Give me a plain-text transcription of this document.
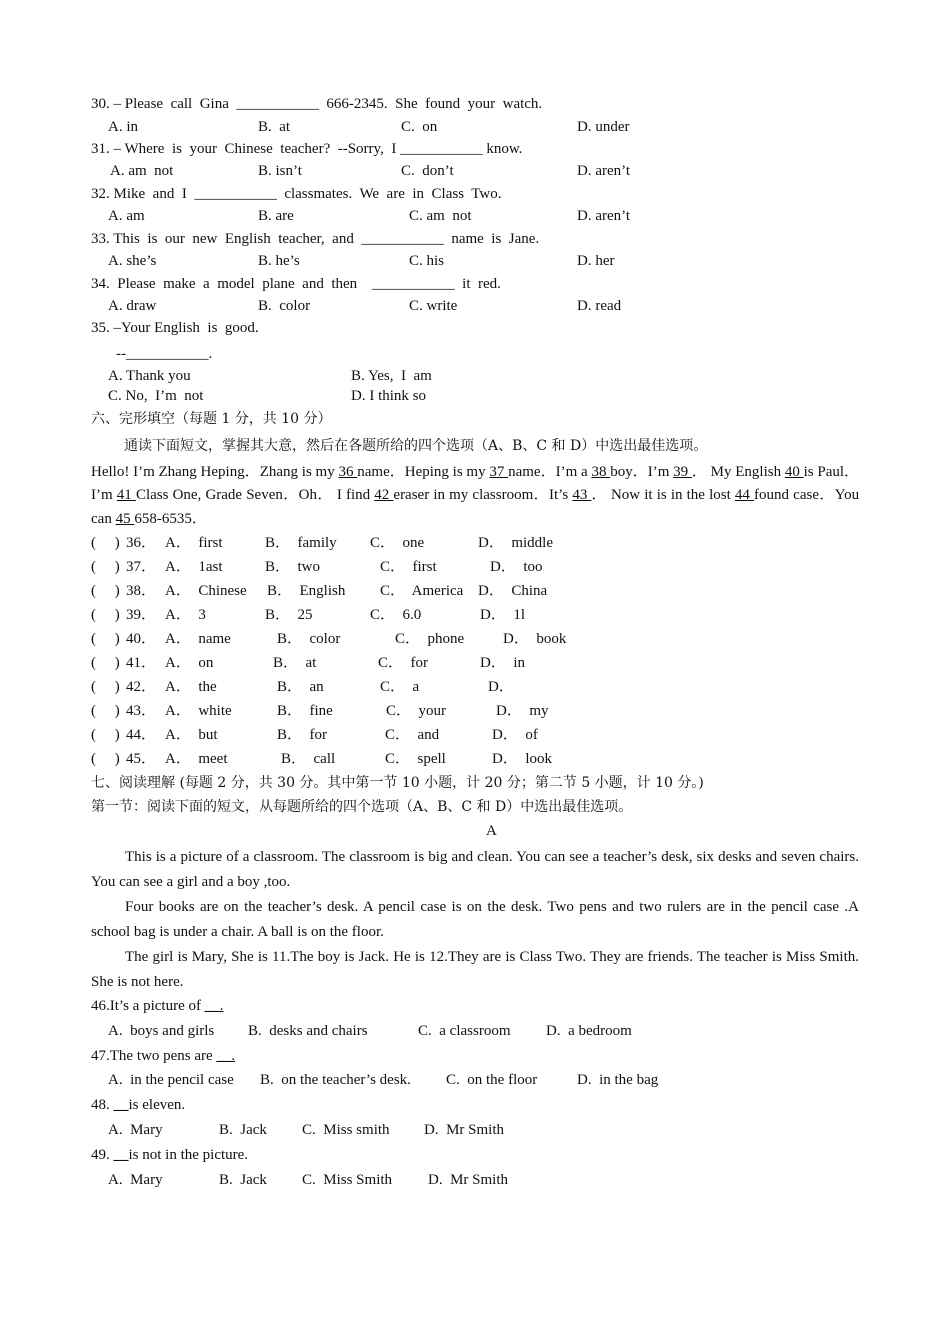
30. – Please  call  Gina  ___________  666-2345.  She  found  your  watch.
A. in	B.  at	C.  on	D. under
31. – Where  is  your  Chinese  teacher?  --Sorry,  I ___________ know.
A. am  not	B. isn’t	C.  don’t	D. aren’t
32. Mike  and  I  ___________  classmates.  We  are  in  Class  Two.
A. am	B. are	C. am  not	D. aren’t
33. This  is  our  new  English  teacher,  and  ___________  name  is  Jane.
A. she’s	B. he’s	C. his	D. her
34.  Please  make  a  model  plane  and  then    ___________  it  red.
A. draw	B.  color	C. write	D. read
35. –Your English  is  good.
--___________.
A. Thank you	B. Yes,  I  am
C. No,  I’m  not	D. I think so
六、完形填空（每题 1 分，共 10 分）
通读下面短文，掌握其大意，然后在各题所给的四个选项（A、B、C 和 D）中选出最佳选项。
Hello! I’m Zhang Heping．Zhang is my 36 name．Heping is my 37 name．I’m a 38 boy．I’m 39 ． My English 40 is Paul．I’m 41 Class One, Grade Seven．Oh． I find 42 eraser in my classroom．It’s 43 ． Now it is in the lost 44 found case．You can 45 658-6535．
(     ) 36． A．  first	B．  family C．  one	D．  middle
(     ) 37． A．  1ast	B．  two	C．  first	D．  too
(     ) 38． A．  Chinese B．  English C．  America D．  China
(     ) 39． A．  3	B．  25	C．  6.0	D．  1l
(     ) 40． A．  name	B．  color	C．  phone	D．  book
(     ) 41． A．  on	B．  at	C．  for	D．  in
(     ) 42． A．  the	B．  an	C．  a	D．
(     ) 43． A．  white	B．  fine	C．  your	D．  my
(     ) 44． A．  but	B．  for	C．  and	D．  of
(     ) 45． A．  meet	B．  call	C．  spell	D．  look
七、阅读理解 (每题 2 分，共 30 分。其中第一节 10 小题，计 20 分；第二节 5 小题，计 10 分。)
第一节：阅读下面的短文，从每题所给的四个选项（A、B、C 和 D）中选出最佳选项。
A
This is a picture of a classroom. The classroom is big and clean. You can see a teacher’s desk, six desks and seven chairs. You can see a girl and a boy ,too.
Four books are on the teacher’s desk. A pencil case is on the desk. Two pens and two rulers are in the pencil case .A school bag is under a chair. A ball is on the floor.
The girl is Mary, She is 11.The boy is Jack. He is 12.They are is Class Two. They are friends. The teacher is Miss Smith. She is not here.
46.It’s a picture of __.
A.  boys and girls B.  desks and chairs	C.  a classroom D.  a bedroom
47.The two pens are __.
A.  in the pencil case B.  on the teacher’s desk. C.  on the floor	D.  in the bag
48. __is eleven.
A.  Mary	B.  Jack C.  Miss smith D.  Mr Smith
49. __is not in the picture.
A.  Mary	B.  Jack C.  Miss Smith D.  Mr Smith
